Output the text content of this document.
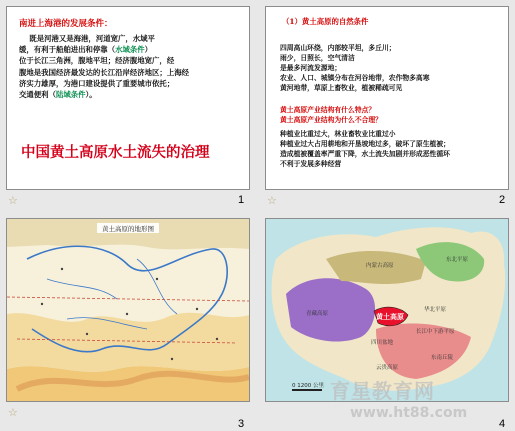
南进上海港的发展条件：
既是河港又是海港，河道宽广，水域平
缓，有利于船舶进出和停靠（水域条件）
位于长江三角洲，腹地平坦；经济腹地宽广，经
腹地是我国经济最发达的长江沿岸经济地区；上海经
济实力雄厚，为港口建设提供了重要城市依托；
交通便利（陆域条件）。
中国黄土高原水土流失的治理
☆	1
（1）黄土高原的自然条件
四周高山环绕，内部较平坦，多丘川；
雨少，日照长，空气清洁
是最多河流发源地；
农业、人口、城镇分布在河谷地带，农作物多高寒
黄河地带，草原上畜牧业，植被稀疏可见
黄土高原产业结构有什么特点？
黄土高原产业结构为什么不合理？
种植业比重过大，林业畜牧业比重过小
种植业过大占用耕地和开垦坡地过多，破坏了原生植被；
造成植被覆盖率严重下降，水土流失加剧并形成恶性循环
不利于发展多种经营
☆	2
黄土高原的地形图
☆
3
黄土高原
内蒙古高原
东北平原
青藏高原
四川盆地
华北平原
长江中下游平原
云贵高原
东南丘陵
0 1200 公里
4
育星教育网
www.ht88.com
